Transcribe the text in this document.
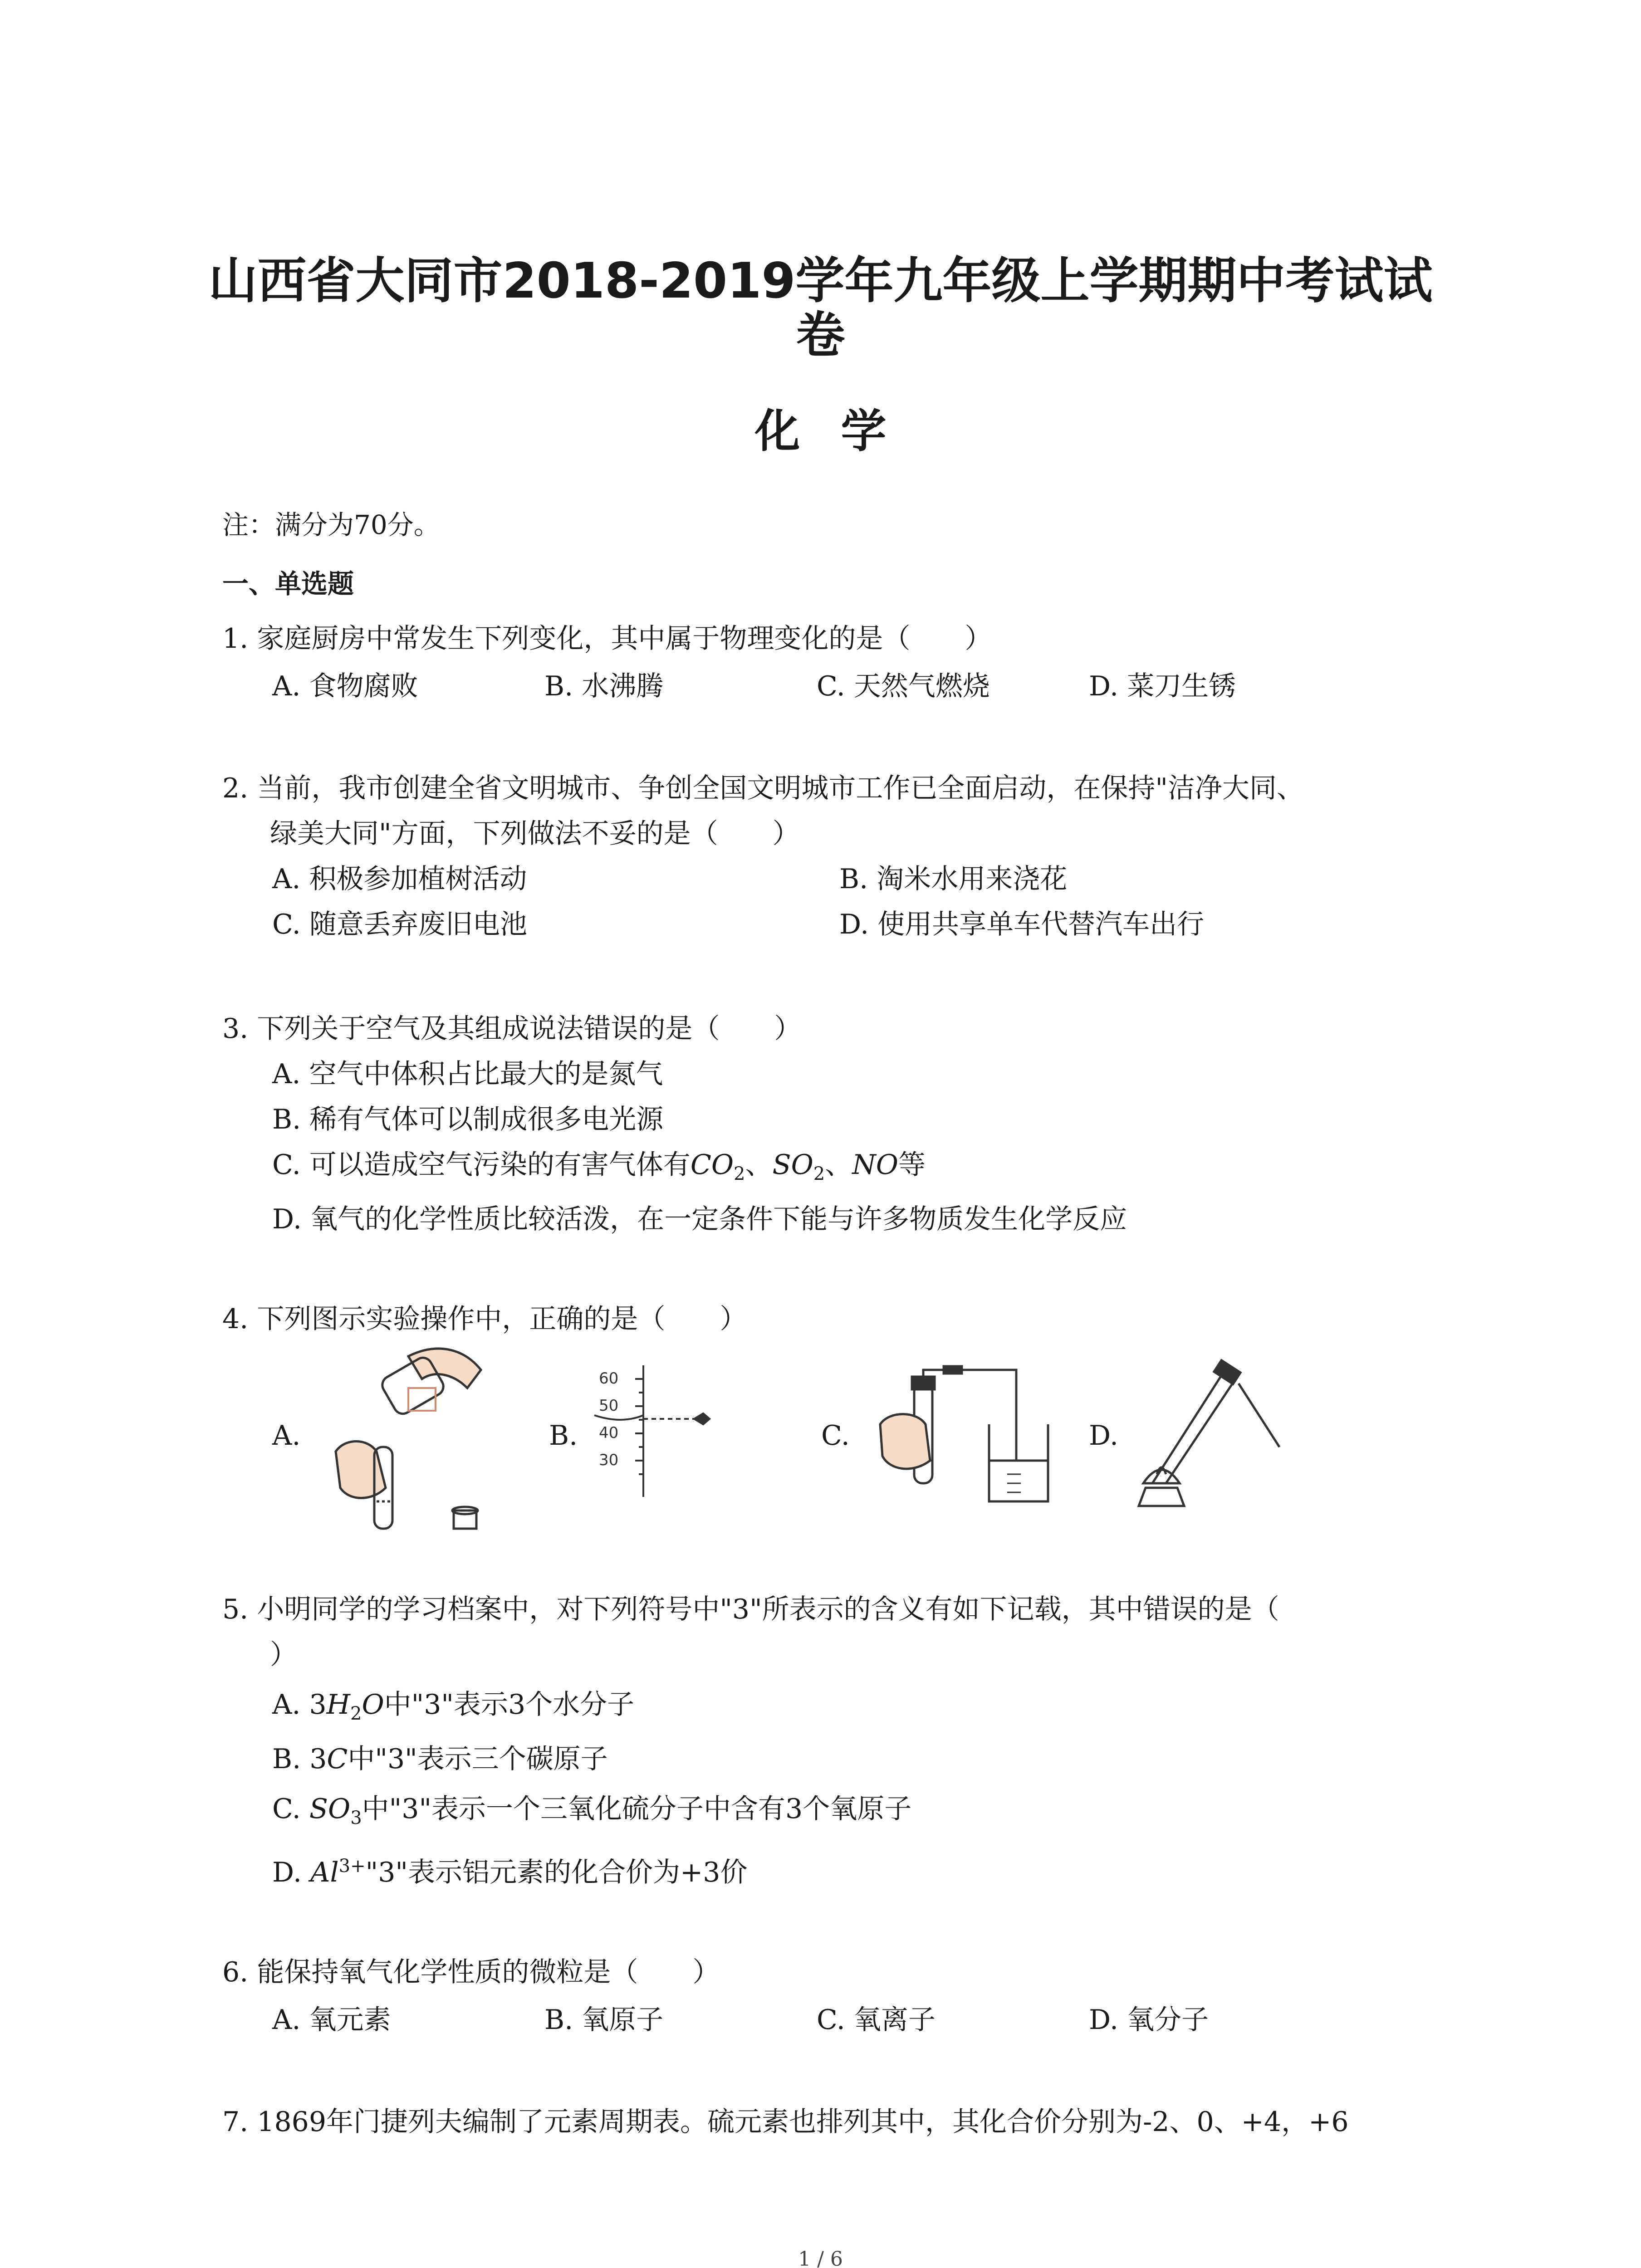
山西省大同市2018-2019学年九年级上学期期中考试试
卷
化学
注：满分为70分。
一、单选题
1. 家庭厨房中常发生下列变化，其中属于物理变化的是（　　）
A. 食物腐败	B. 水沸腾	C. 天然气燃烧	D. 菜刀生锈
2. 当前，我市创建全省文明城市、争创全国文明城市工作已全面启动，在保持"洁净大同、
绿美大同"方面，下列做法不妥的是（　　）
A. 积极参加植树活动	B. 淘米水用来浇花
C. 随意丢弃废旧电池	D. 使用共享单车代替汽车出行
3. 下列关于空气及其组成说法错误的是（　　）
A. 空气中体积占比最大的是氮气
B. 稀有气体可以制成很多电光源
C. 可以造成空气污染的有害气体有$CO_2$、$SO_2$、NO等
D. 氧气的化学性质比较活泼，在一定条件下能与许多物质发生化学反应
4. 下列图示实验操作中，正确的是（　　）
A.	B.
60
50
40
30
C.	D.
5. 小明同学的学习档案中，对下列符号中"3"所表示的含义有如下记载，其中错误的是（
）
A. $3H_2O$中"3"表示3个水分子
B. 3C中"3"表示三个碳原子
C. $SO_3$中"3"表示一个三氧化硫分子中含有3个氧原子
D. $Al^{3+}"3$"表示铝元素的化合价为+3价
6. 能保持氧气化学性质的微粒是（　　）
A. 氧元素	B. 氧原子	C. 氧离子	D. 氧分子
7. 1869年门捷列夫编制了元素周期表。硫元素也排列其中，其化合价分别为-2、0、+4，+6
1 / 6
